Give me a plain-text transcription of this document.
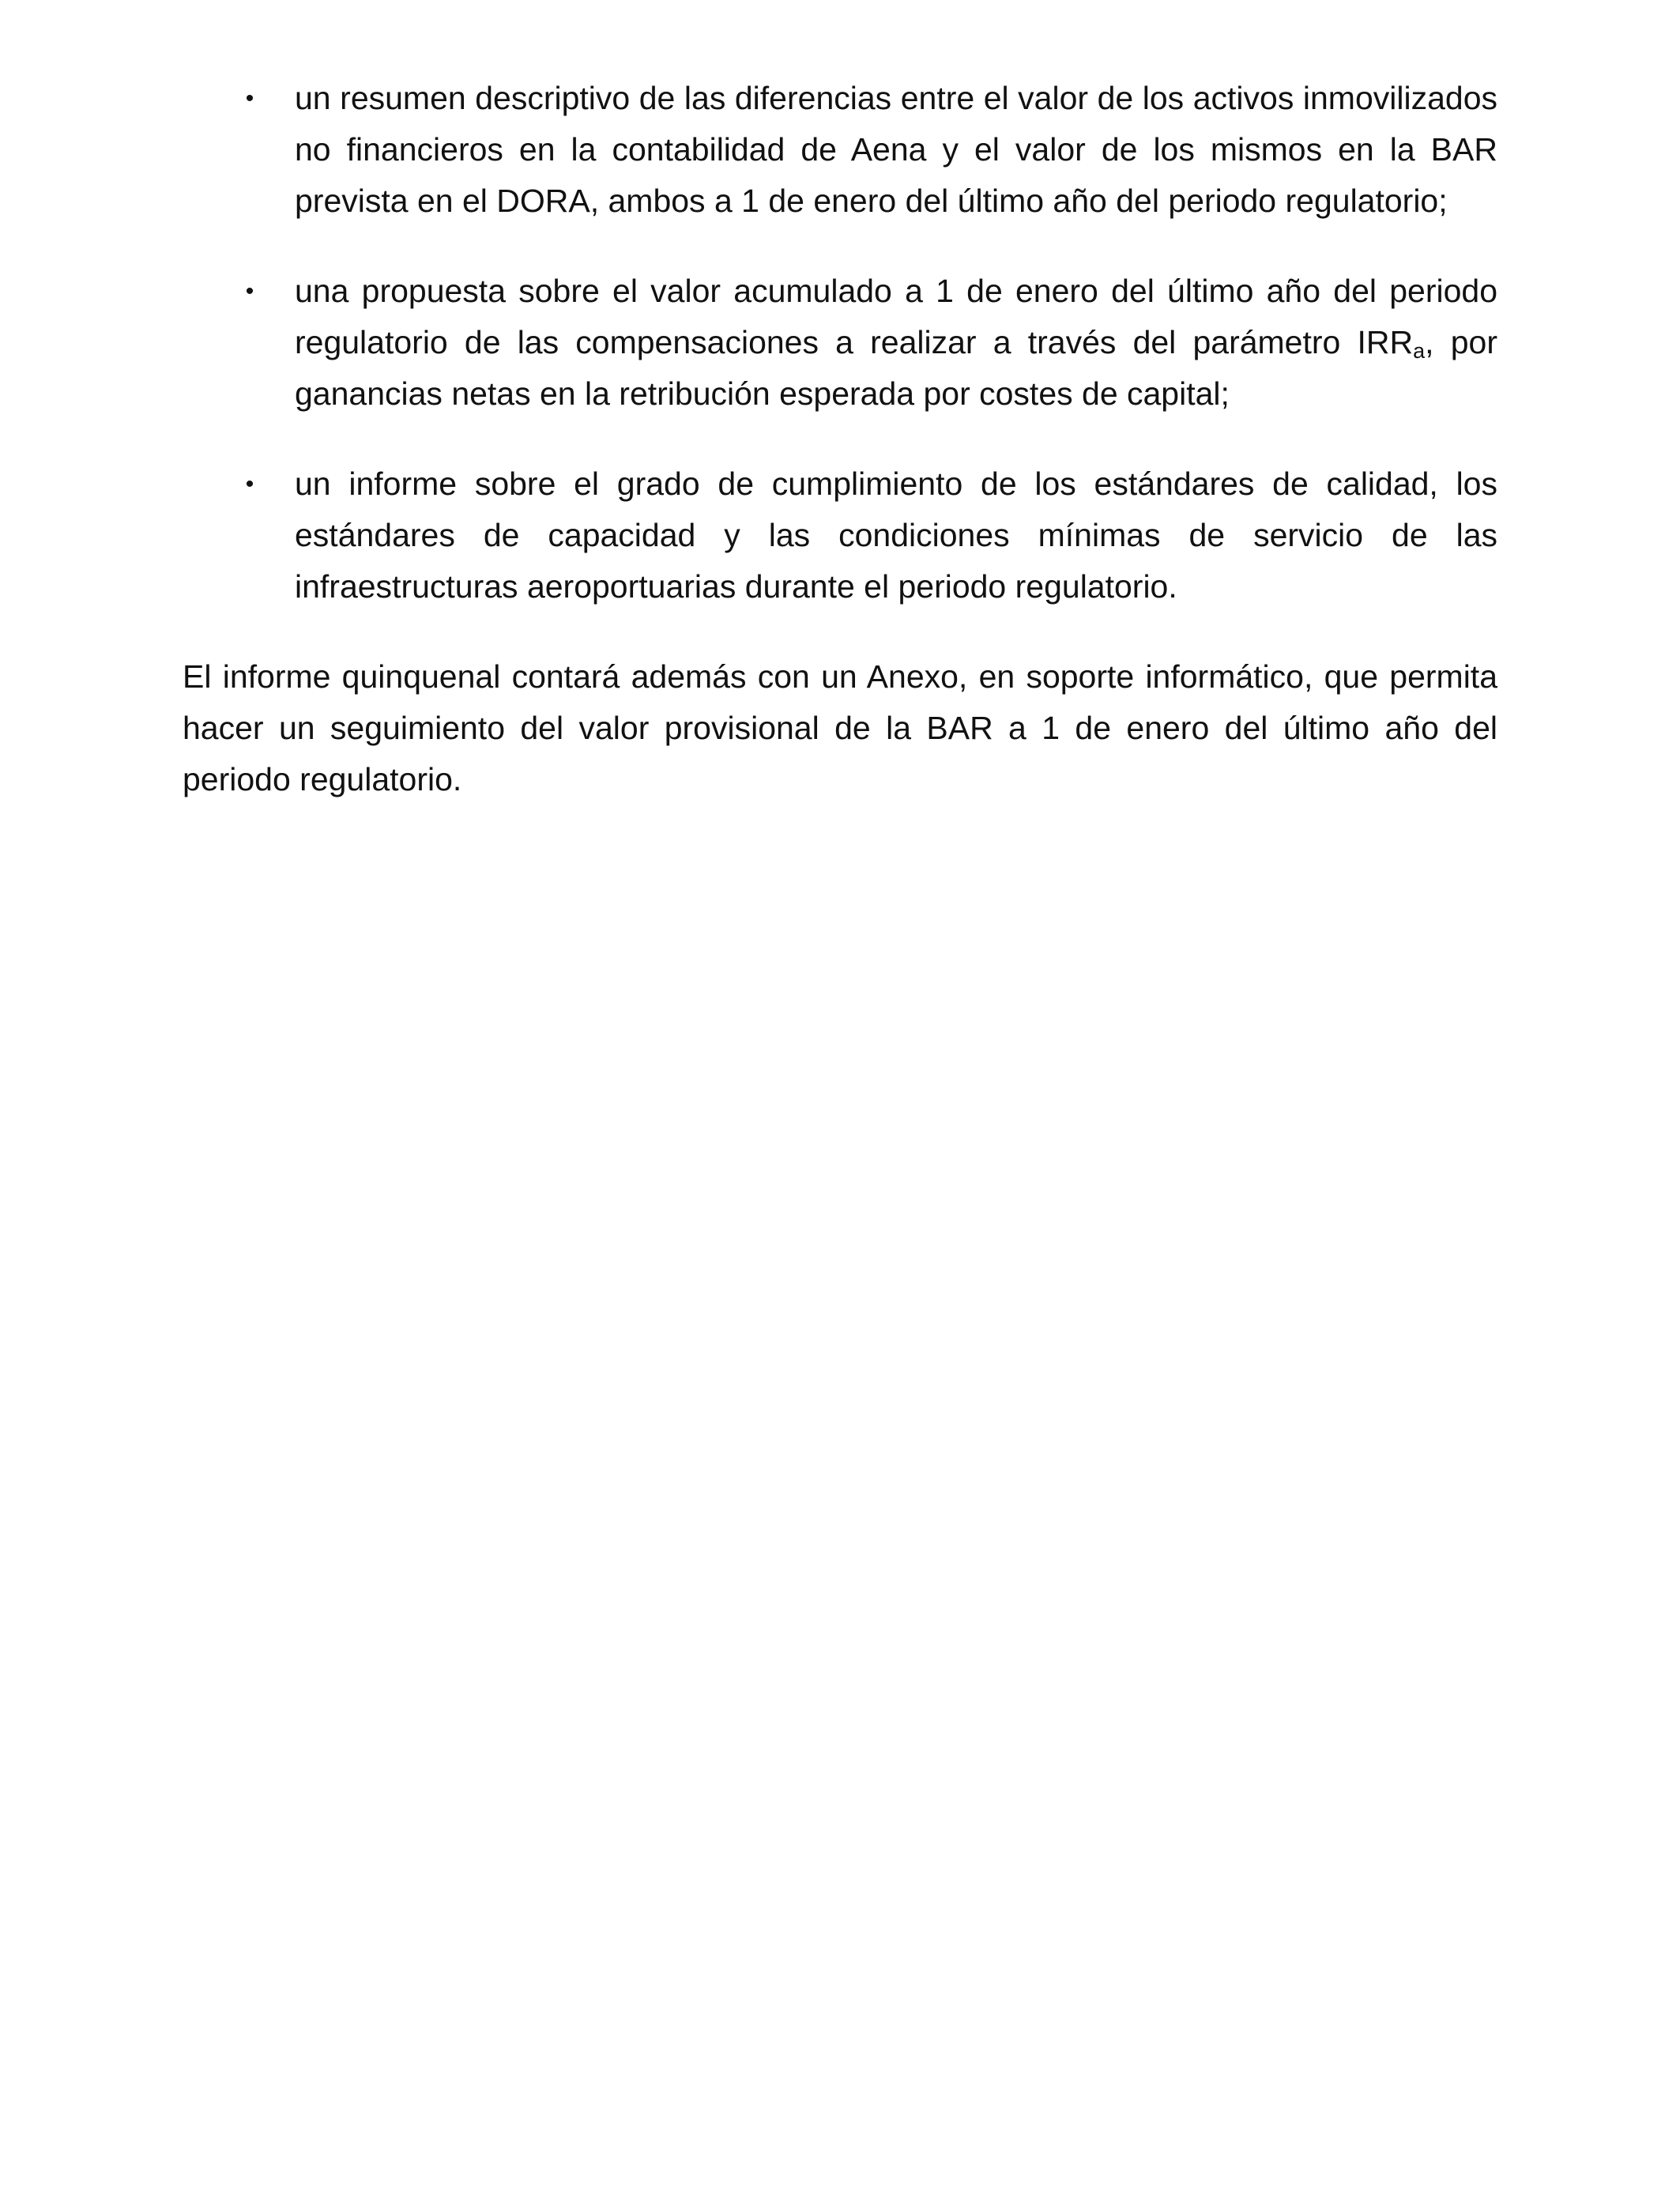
• un resumen descriptivo de las diferencias entre el valor de los activos inmovilizados no financieros en la contabilidad de Aena y el valor de los mismos en la BAR prevista en el DORA, ambos a 1 de enero del último año del periodo regulatorio;
• una propuesta sobre el valor acumulado a 1 de enero del último año del periodo regulatorio de las compensaciones a realizar a través del parámetro $IRR_a$, por ganancias netas en la retribución esperada por costes de capital;
• un informe sobre el grado de cumplimiento de los estándares de calidad, los estándares de capacidad y las condiciones mínimas de servicio de las infraestructuras aeroportuarias durante el periodo regulatorio.

El informe quinquenal contará además con un Anexo, en soporte informático, que permita hacer un seguimiento del valor provisional de la BAR a 1 de enero del último año del periodo regulatorio.
